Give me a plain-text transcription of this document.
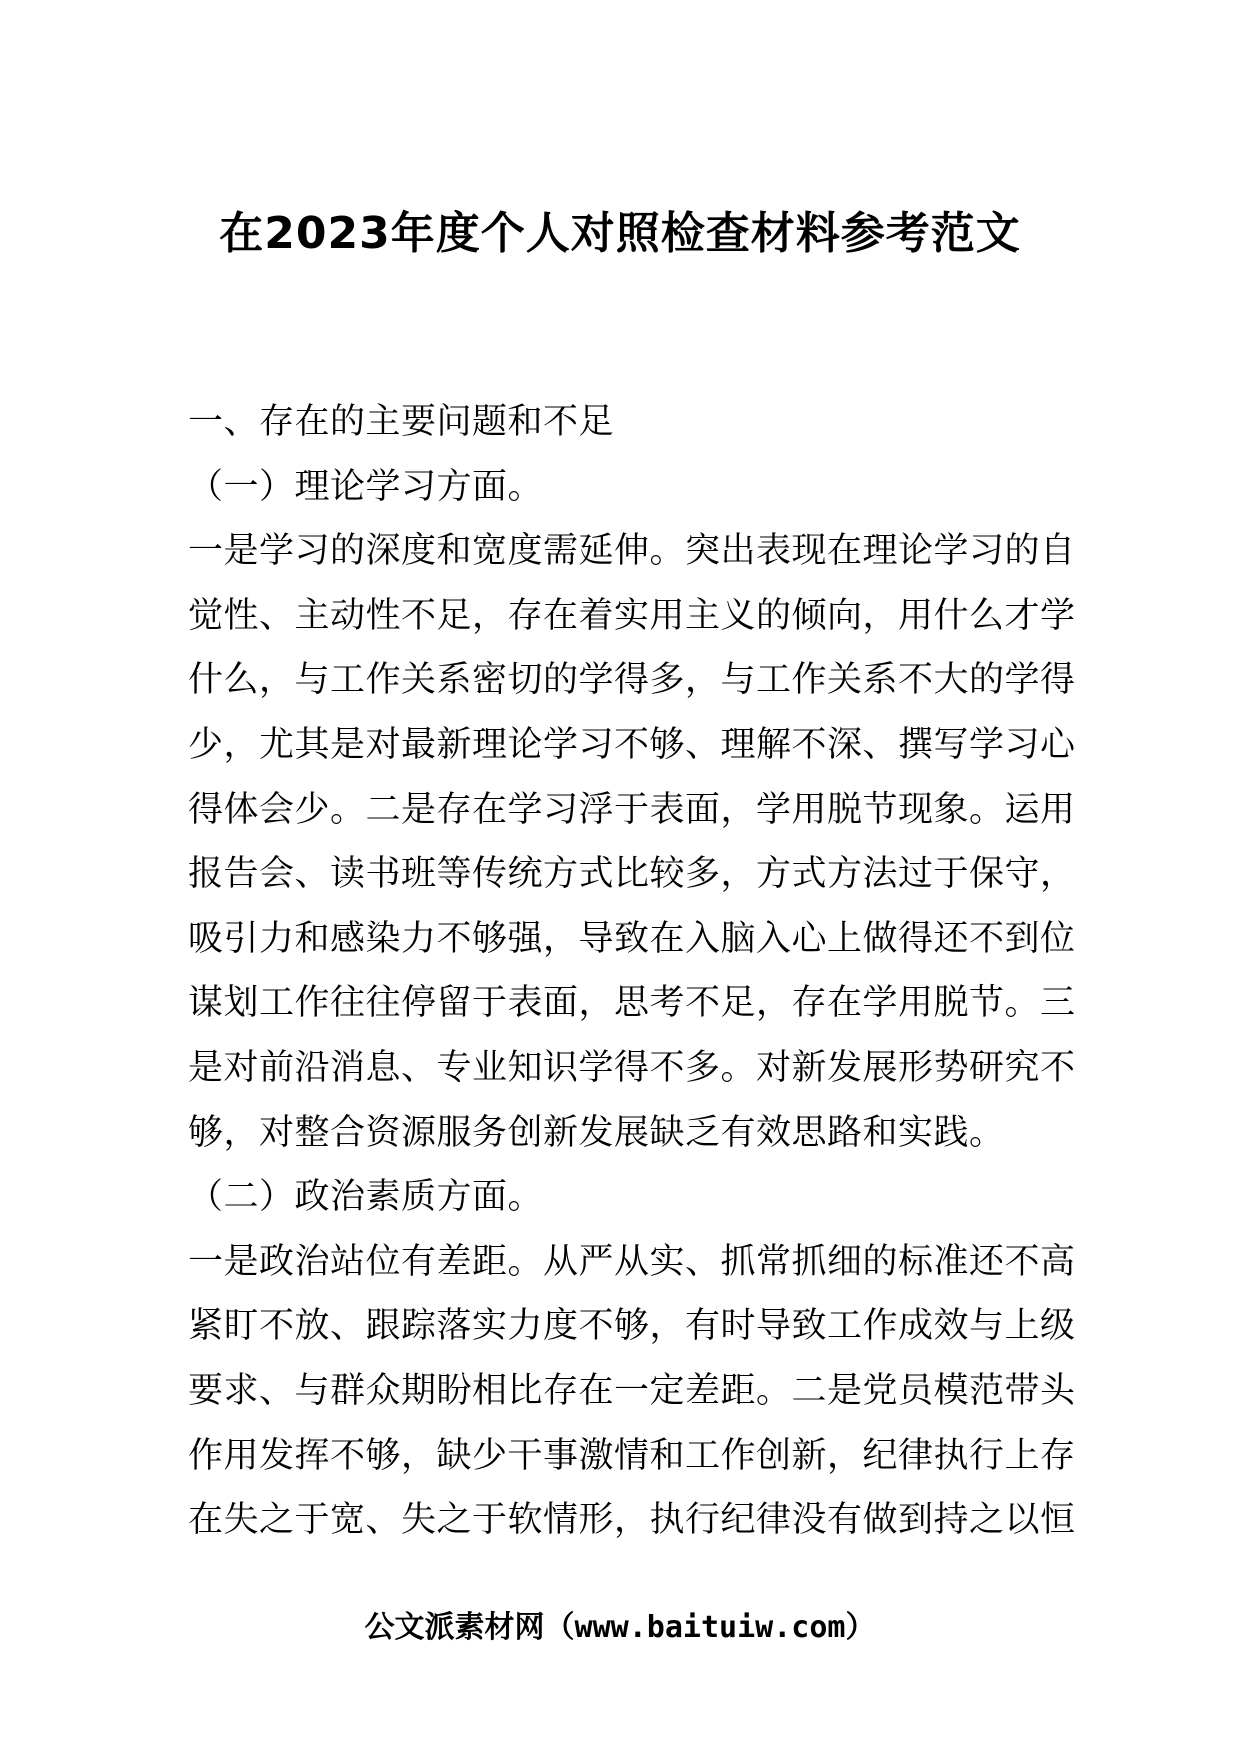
在2023年度个人对照检查材料参考范文
一、存在的主要问题和不足
（一）理论学习方面。
一是学习的深度和宽度需延伸。突出表现在理论学习的自
觉性、主动性不足，存在着实用主义的倾向，用什么才学
什么，与工作关系密切的学得多，与工作关系不大的学得
少，尤其是对最新理论学习不够、理解不深、撰写学习心
得体会少。二是存在学习浮于表面，学用脱节现象。运用
报告会、读书班等传统方式比较多，方式方法过于保守，
吸引力和感染力不够强，导致在入脑入心上做得还不到位
谋划工作往往停留于表面，思考不足，存在学用脱节。三
是对前沿消息、专业知识学得不多。对新发展形势研究不
够，对整合资源服务创新发展缺乏有效思路和实践。
（二）政治素质方面。
一是政治站位有差距。从严从实、抓常抓细的标准还不高
紧盯不放、跟踪落实力度不够，有时导致工作成效与上级
要求、与群众期盼相比存在一定差距。二是党员模范带头
作用发挥不够，缺少干事激情和工作创新，纪律执行上存
在失之于宽、失之于软情形，执行纪律没有做到持之以恒
公文派素材网（www.baituiw.com）
